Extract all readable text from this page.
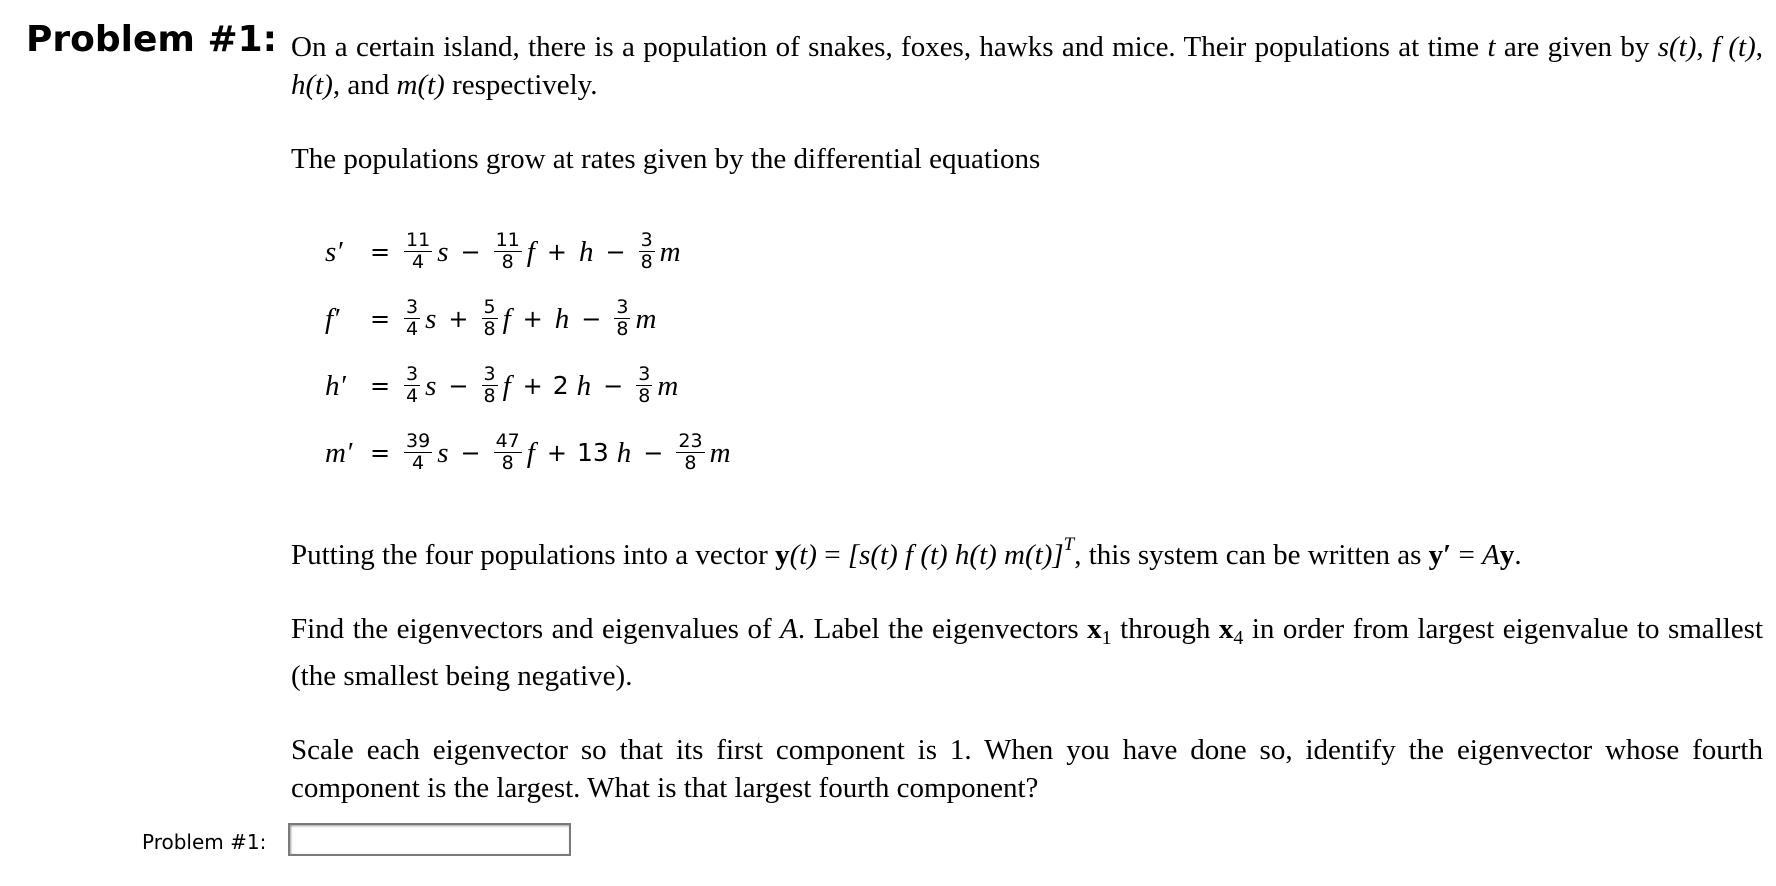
Problem #1: On a certain island, there is a population of snakes, foxes, hawks and mice. Their populations at time t are given by s(t), f (t), h(t), and m(t) respectively.

The populations grow at rates given by the differential equations

s′	= $\frac{11}{4}$ $s - \frac{11}{8}$ $f + h - \frac{3}{8}$ m
f′	= $\frac{3}{4}$ $s + \frac{5}{8}$ $f + h - \frac{3}{8}$ m
h′	= $\frac{3}{4}$ $s - \frac{3}{8}$ f + 2 $h - \frac{3}{8}$ m
$m' = \frac{39}{4}$ $s - \frac{47}{8}$ f + 13 $h - \frac{23}{8}$ m

Putting the four populations into a vector y(t) = [s(t) f (t) h(t) m(t)]$^T$, this system can be written as y′ = Ay.

Find the eigenvectors and eigenvalues of A. Label the eigenvectors $x_1$ through $x_4$ in order from largest eigenvalue to smallest (the smallest being negative).

Scale each eigenvector so that its first component is 1. When you have done so, identify the eigenvector whose fourth component is the largest. What is that largest fourth component?

Problem #1:
